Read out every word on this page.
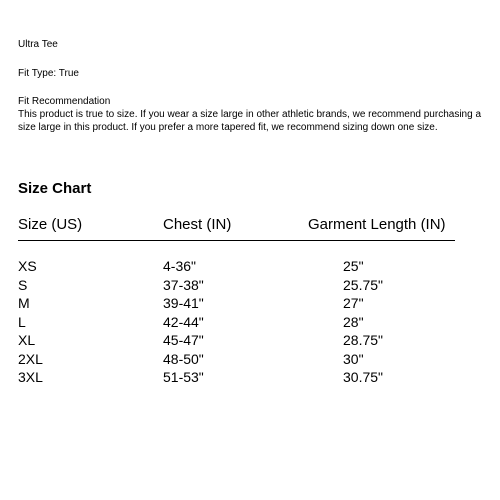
Ultra Tee
Fit Type: True
Fit Recommendation
This product is true to size. If you wear a size large in other athletic brands, we recommend purchasing a size large in this product. If you prefer a more tapered fit, we recommend sizing down one size.
Size Chart
Size (US)	Chest (IN)	Garment Length (IN)
XS	4-36"	25"
S	37-38"	25.75"
M	39-41"	27"
L	42-44"	28"
XL	45-47"	28.75"
2XL	48-50"	30"
3XL	51-53"	30.75"
